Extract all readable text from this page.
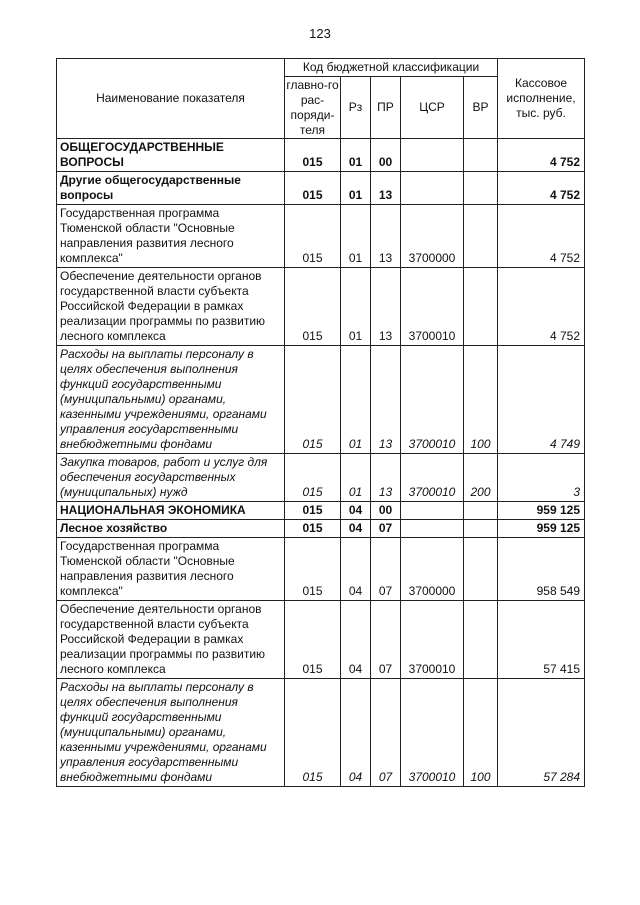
123
Наименование показателя	Код бюджетной классификации					Кассовое исполнение, тыс. руб.
	главно-го рас-поряди-теля	Рз	ПР	ЦСР	ВР	
ОБЩЕГОСУДАРСТВЕННЫЕ ВОПРОСЫ	015	01	00			4 752
Другие общегосударственные вопросы	015	01	13			4 752
Государственная программа Тюменской области "Основные направления развития лесного комплекса"	015	01	13	3700000		4 752
Обеспечение деятельности органов государственной власти субъекта Российской Федерации в рамках реализации программы по развитию лесного комплекса	015	01	13	3700010		4 752
Расходы на выплаты персоналу в целях обеспечения выполнения функций государственными (муниципальными) органами, казенными учреждениями, органами управления государственными внебюджетными фондами	015	01	13	3700010	100	4 749
Закупка товаров, работ и услуг для обеспечения государственных (муниципальных) нужд	015	01	13	3700010	200	3
НАЦИОНАЛЬНАЯ ЭКОНОМИКА	015	04	00			959 125
Лесное хозяйство	015	04	07			959 125
Государственная программа Тюменской области "Основные направления развития лесного комплекса"	015	04	07	3700000		958 549
Обеспечение деятельности органов государственной власти субъекта Российской Федерации в рамках реализации программы по развитию лесного комплекса	015	04	07	3700010		57 415
Расходы на выплаты персоналу в целях обеспечения выполнения функций государственными (муниципальными) органами, казенными учреждениями, органами управления государственными внебюджетными фондами	015	04	07	3700010	100	57 284
